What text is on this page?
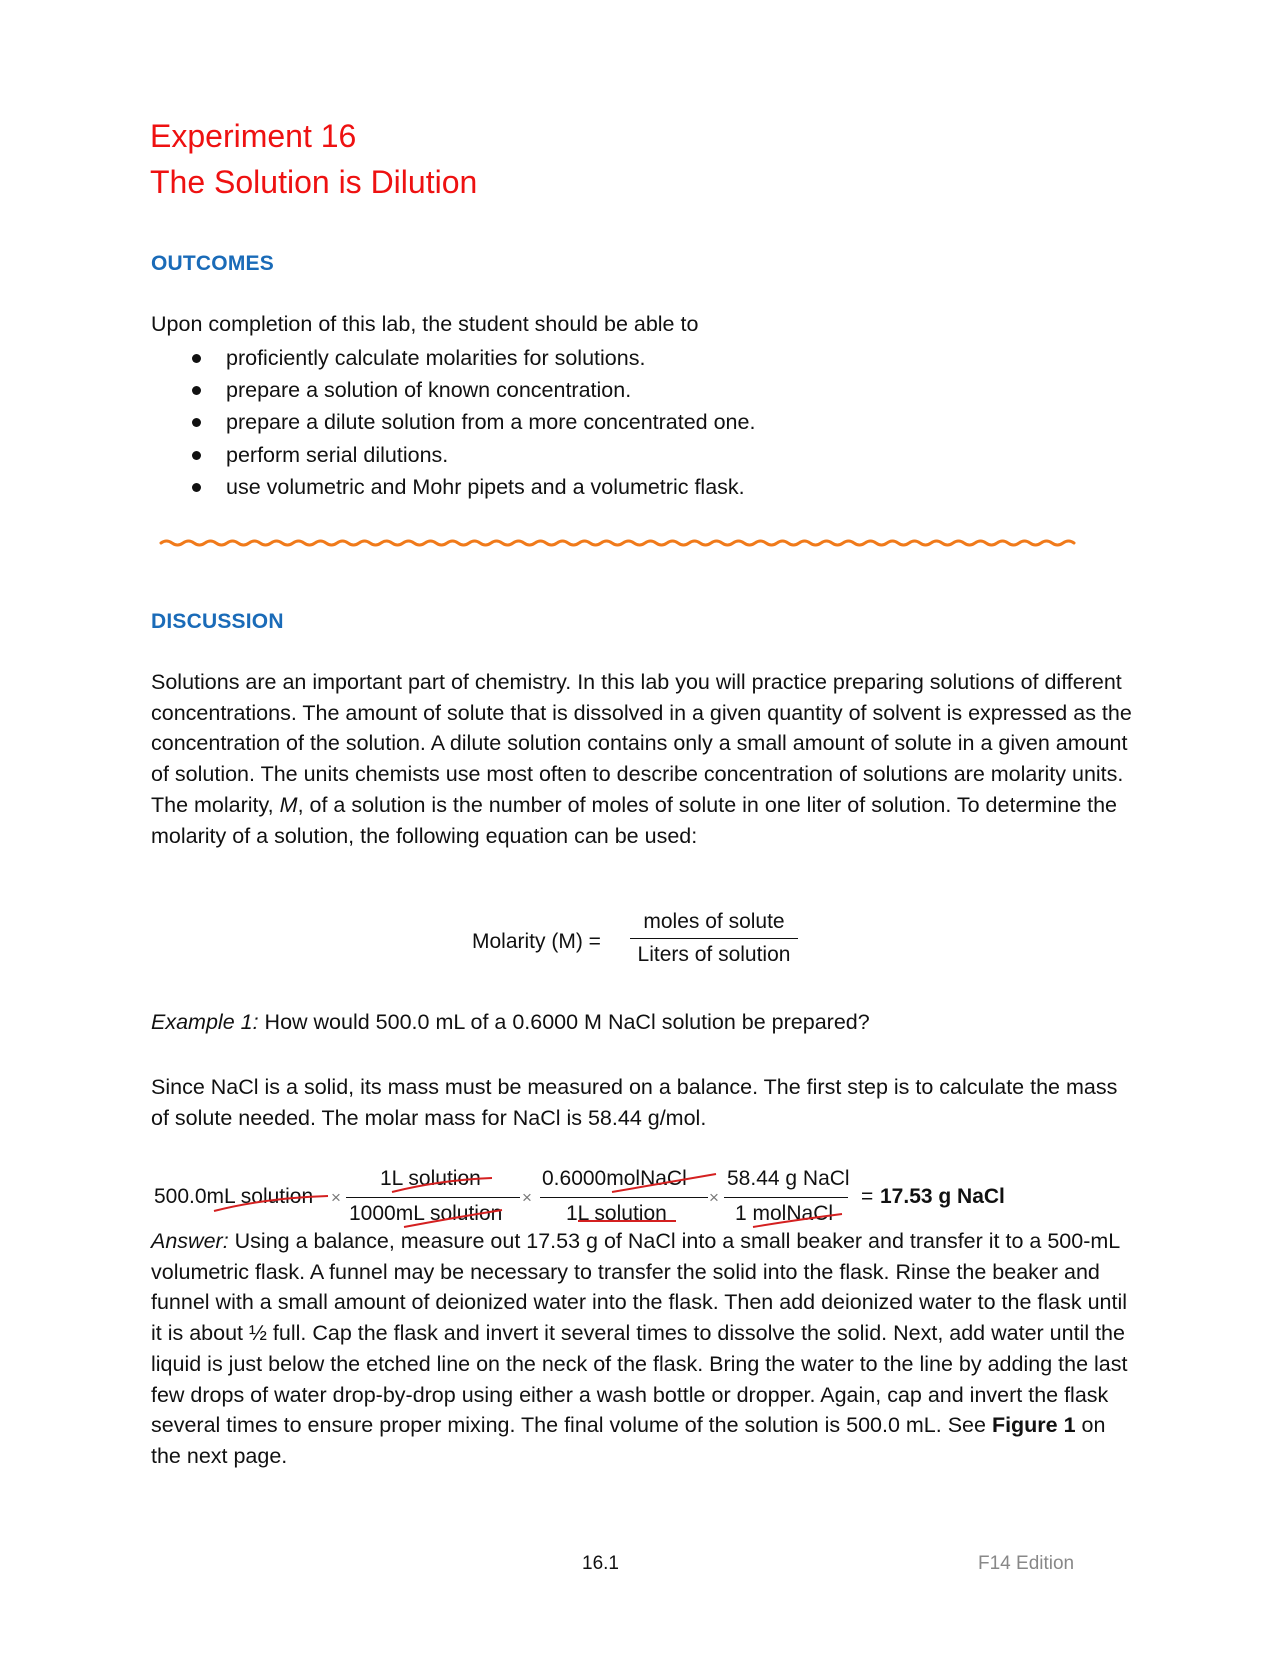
Experiment 16
The Solution is Dilution
OUTCOMES
Upon completion of this lab, the student should be able to
proficiently calculate molarities for solutions.
prepare a solution of known concentration.
prepare a dilute solution from a more concentrated one.
perform serial dilutions.
use volumetric and Mohr pipets and a volumetric flask.
DISCUSSION
Solutions are an important part of chemistry. In this lab you will practice preparing solutions of different concentrations. The amount of solute that is dissolved in a given quantity of solvent is expressed as the concentration of the solution. A dilute solution contains only a small amount of solute in a given amount of solution. The units chemists use most often to describe concentration of solutions are molarity units. The molarity, M, of a solution is the number of moles of solute in one liter of solution. To determine the molarity of a solution, the following equation can be used:
Molarity (M) =
moles of solute
Liters of solution
Example 1: How would 500.0 mL of a 0.6000 M NaCl solution be prepared?
Since NaCl is a solid, its mass must be measured on a balance. The first step is to calculate the mass of solute needed. The molar mass for NaCl is 58.44 g/mol.
500.0mL solution ×
1L solution
1000mL solution
×
0.6000molNaCl
1L solution
×
58.44 g NaCl
1 molNaCl
= 17.53 g NaCl
Answer: Using a balance, measure out 17.53 g of NaCl into a small beaker and transfer it to a 500-mL volumetric flask. A funnel may be necessary to transfer the solid into the flask. Rinse the beaker and funnel with a small amount of deionized water into the flask. Then add deionized water to the flask until it is about ½ full. Cap the flask and invert it several times to dissolve the solid. Next, add water until the liquid is just below the etched line on the neck of the flask. Bring the water to the line by adding the last few drops of water drop-by-drop using either a wash bottle or dropper. Again, cap and invert the flask several times to ensure proper mixing. The final volume of the solution is 500.0 mL. See Figure 1 on the next page.
16.1	F14 Edition
